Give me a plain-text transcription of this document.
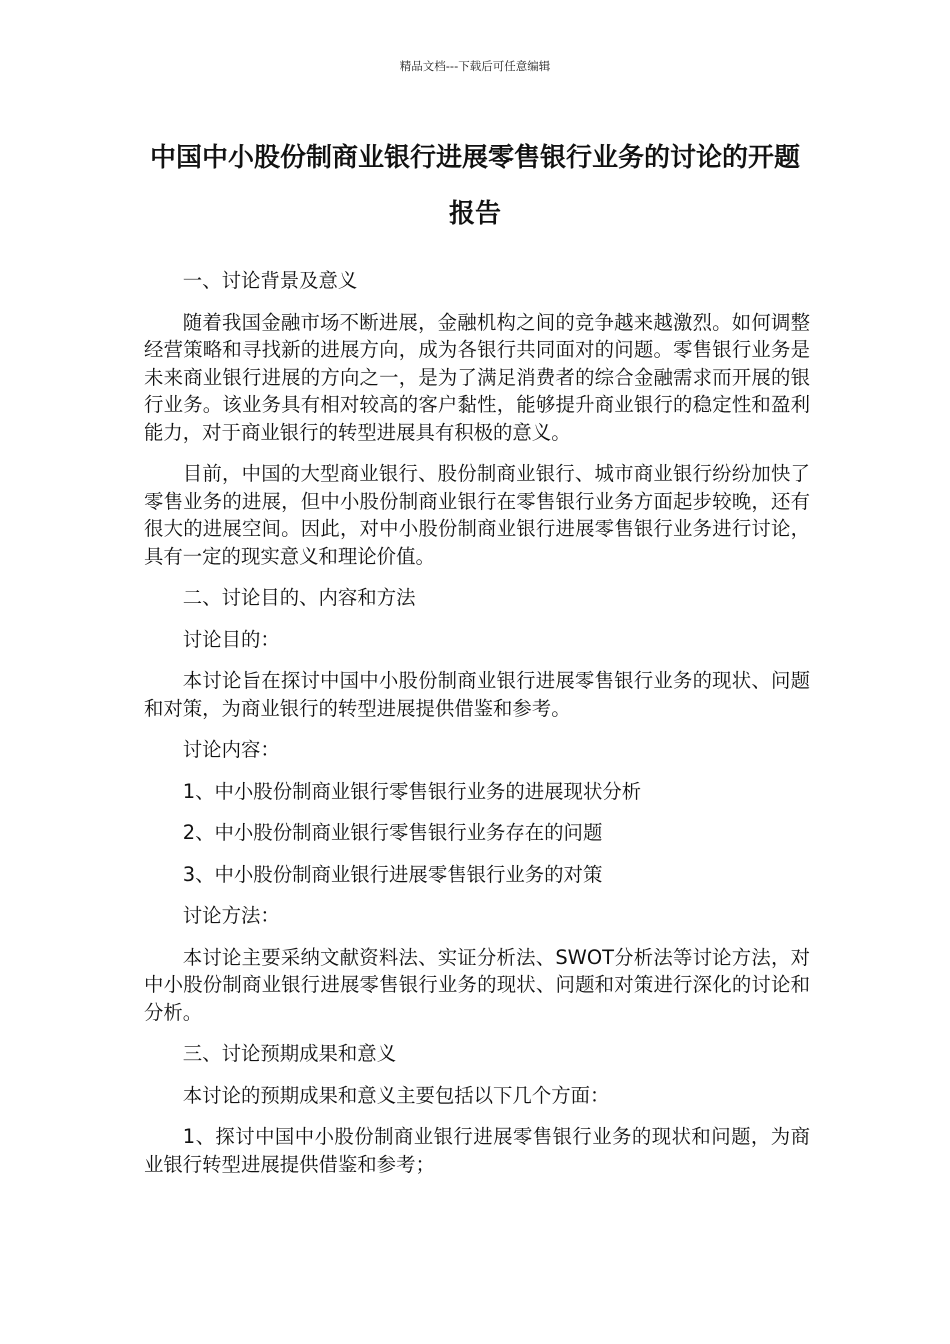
精品文档---下载后可任意编辑
中国中小股份制商业银行进展零售银行业务的讨论的开题报告

一、讨论背景及意义

随着我国金融市场不断进展，金融机构之间的竞争越来越激烈。如何调整经营策略和寻找新的进展方向，成为各银行共同面对的问题。零售银行业务是未来商业银行进展的方向之一，是为了满足消费者的综合金融需求而开展的银行业务。该业务具有相对较高的客户黏性，能够提升商业银行的稳定性和盈利能力，对于商业银行的转型进展具有积极的意义。

目前，中国的大型商业银行、股份制商业银行、城市商业银行纷纷加快了零售业务的进展，但中小股份制商业银行在零售银行业务方面起步较晚，还有很大的进展空间。因此，对中小股份制商业银行进展零售银行业务进行讨论，具有一定的现实意义和理论价值。

二、讨论目的、内容和方法

讨论目的：

本讨论旨在探讨中国中小股份制商业银行进展零售银行业务的现状、问题和对策，为商业银行的转型进展提供借鉴和参考。

讨论内容：

1、中小股份制商业银行零售银行业务的进展现状分析

2、中小股份制商业银行零售银行业务存在的问题

3、中小股份制商业银行进展零售银行业务的对策

讨论方法：

本讨论主要采纳文献资料法、实证分析法、SWOT分析法等讨论方法，对中小股份制商业银行进展零售银行业务的现状、问题和对策进行深化的讨论和分析。

三、讨论预期成果和意义

本讨论的预期成果和意义主要包括以下几个方面：

1、探讨中国中小股份制商业银行进展零售银行业务的现状和问题，为商业银行转型进展提供借鉴和参考；
